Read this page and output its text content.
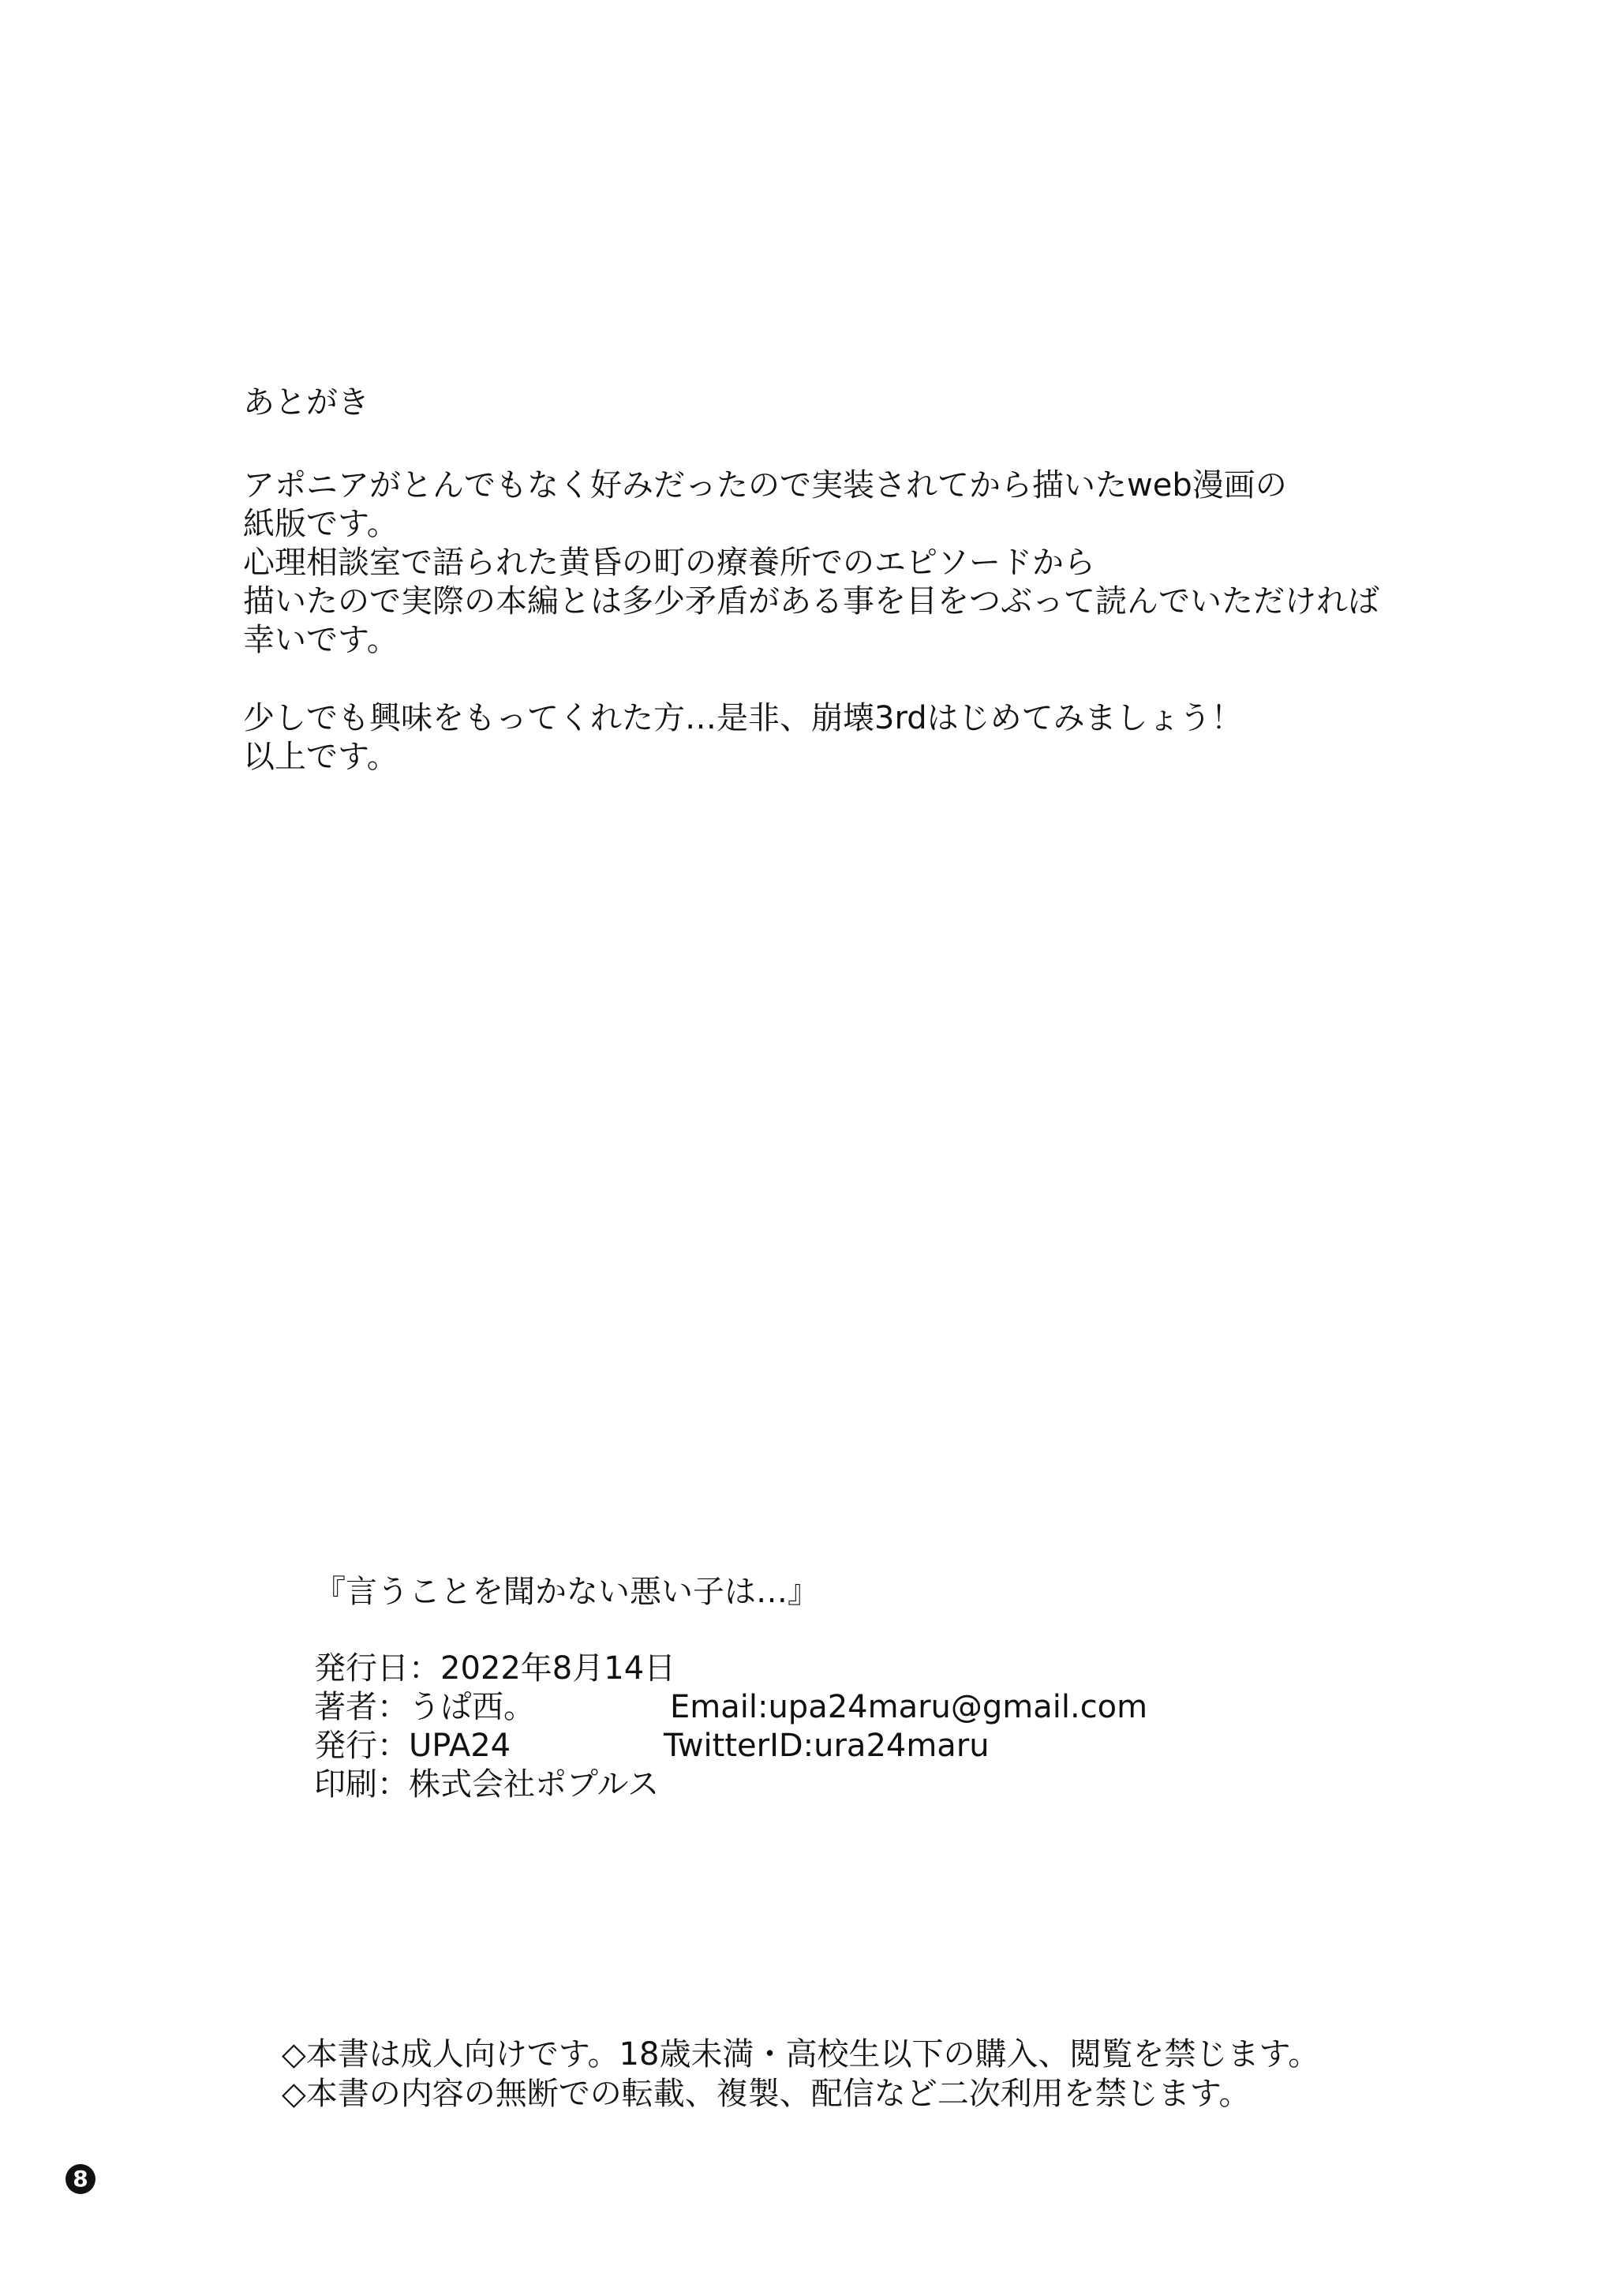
あとがき
アポニアがとんでもなく好みだったので実装されてから描いたweb漫画の
紙版です。
心理相談室で語られた黄昏の町の療養所でのエピソードから
描いたので実際の本編とは多少矛盾がある事を目をつぶって読んでいただければ
幸いです。
少しでも興味をもってくれた方…是非、崩壊3rdはじめてみましょう！
以上です。
『言うことを聞かない悪い子は…』
発行日：2022年8月14日
著者：うぱ西。	Email:upa24maru@gmail.com
発行：UPA24	TwitterID:ura24maru
印刷：株式会社ポプルス
◇本書は成人向けです。18歳未満・高校生以下の購入、閲覧を禁じます。
◇本書の内容の無断での転載、複製、配信など二次利用を禁じます。
8
